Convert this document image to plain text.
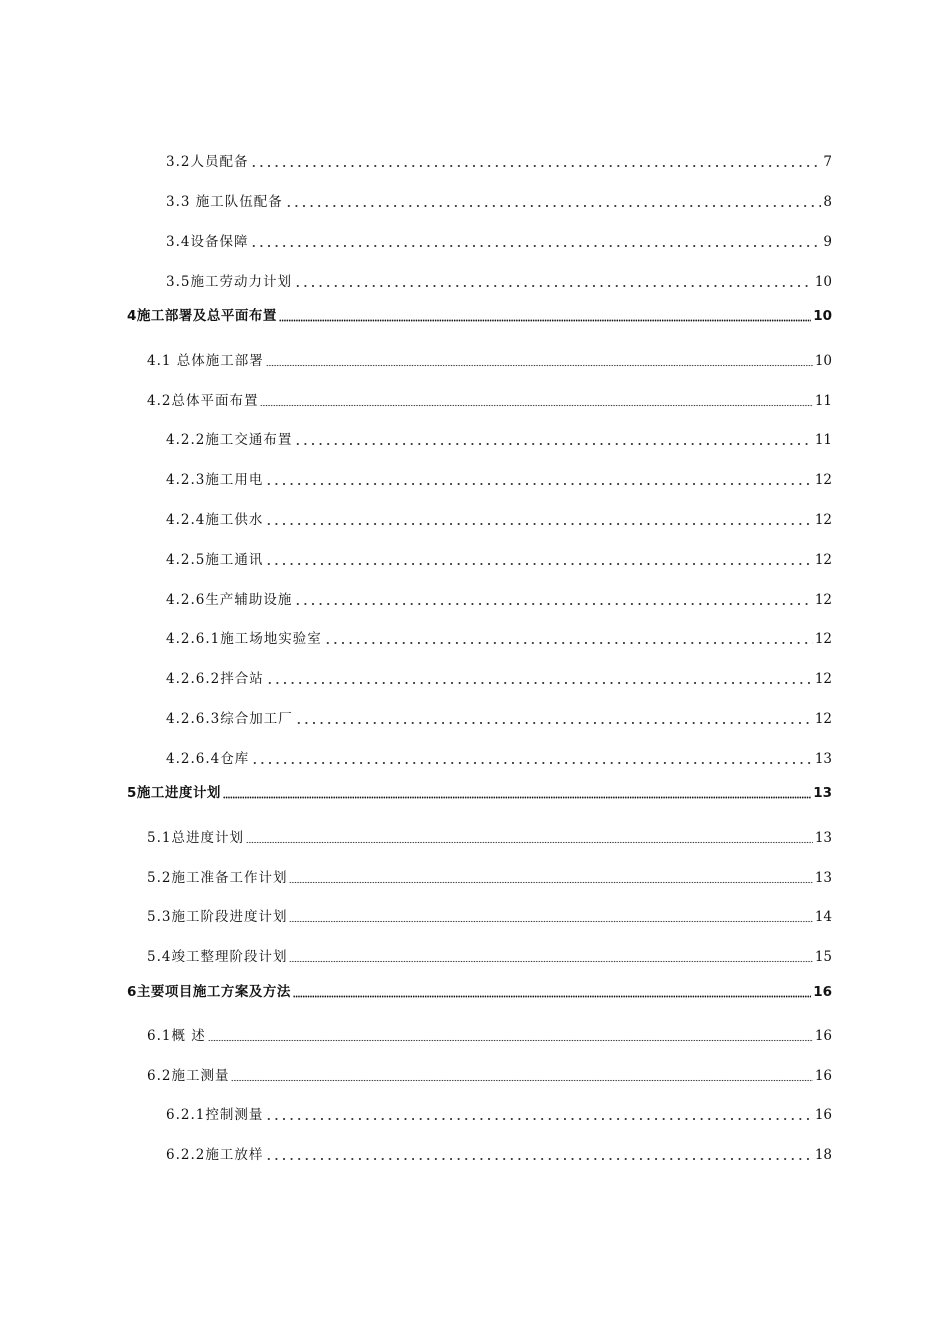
3.2人员配备	7
3.3 施工队伍配备	8
3.4设备保障	9
3.5施工劳动力计划	10
4施工部署及总平面布置	10
4.1 总体施工部署	10
4.2总体平面布置	11
4.2.2施工交通布置	11
4.2.3施工用电	12
4.2.4施工供水	12
4.2.5施工通讯	12
4.2.6生产辅助设施	12
4.2.6.1施工场地实验室	12
4.2.6.2拌合站	12
4.2.6.3综合加工厂	12
4.2.6.4仓库	13
5施工进度计划	13
5.1总进度计划	13
5.2施工准备工作计划	13
5.3施工阶段进度计划	14
5.4竣工整理阶段计划	15
6主要项目施工方案及方法	16
6.1概 述	16
6.2施工测量	16
6.2.1控制测量	16
6.2.2施工放样	18
